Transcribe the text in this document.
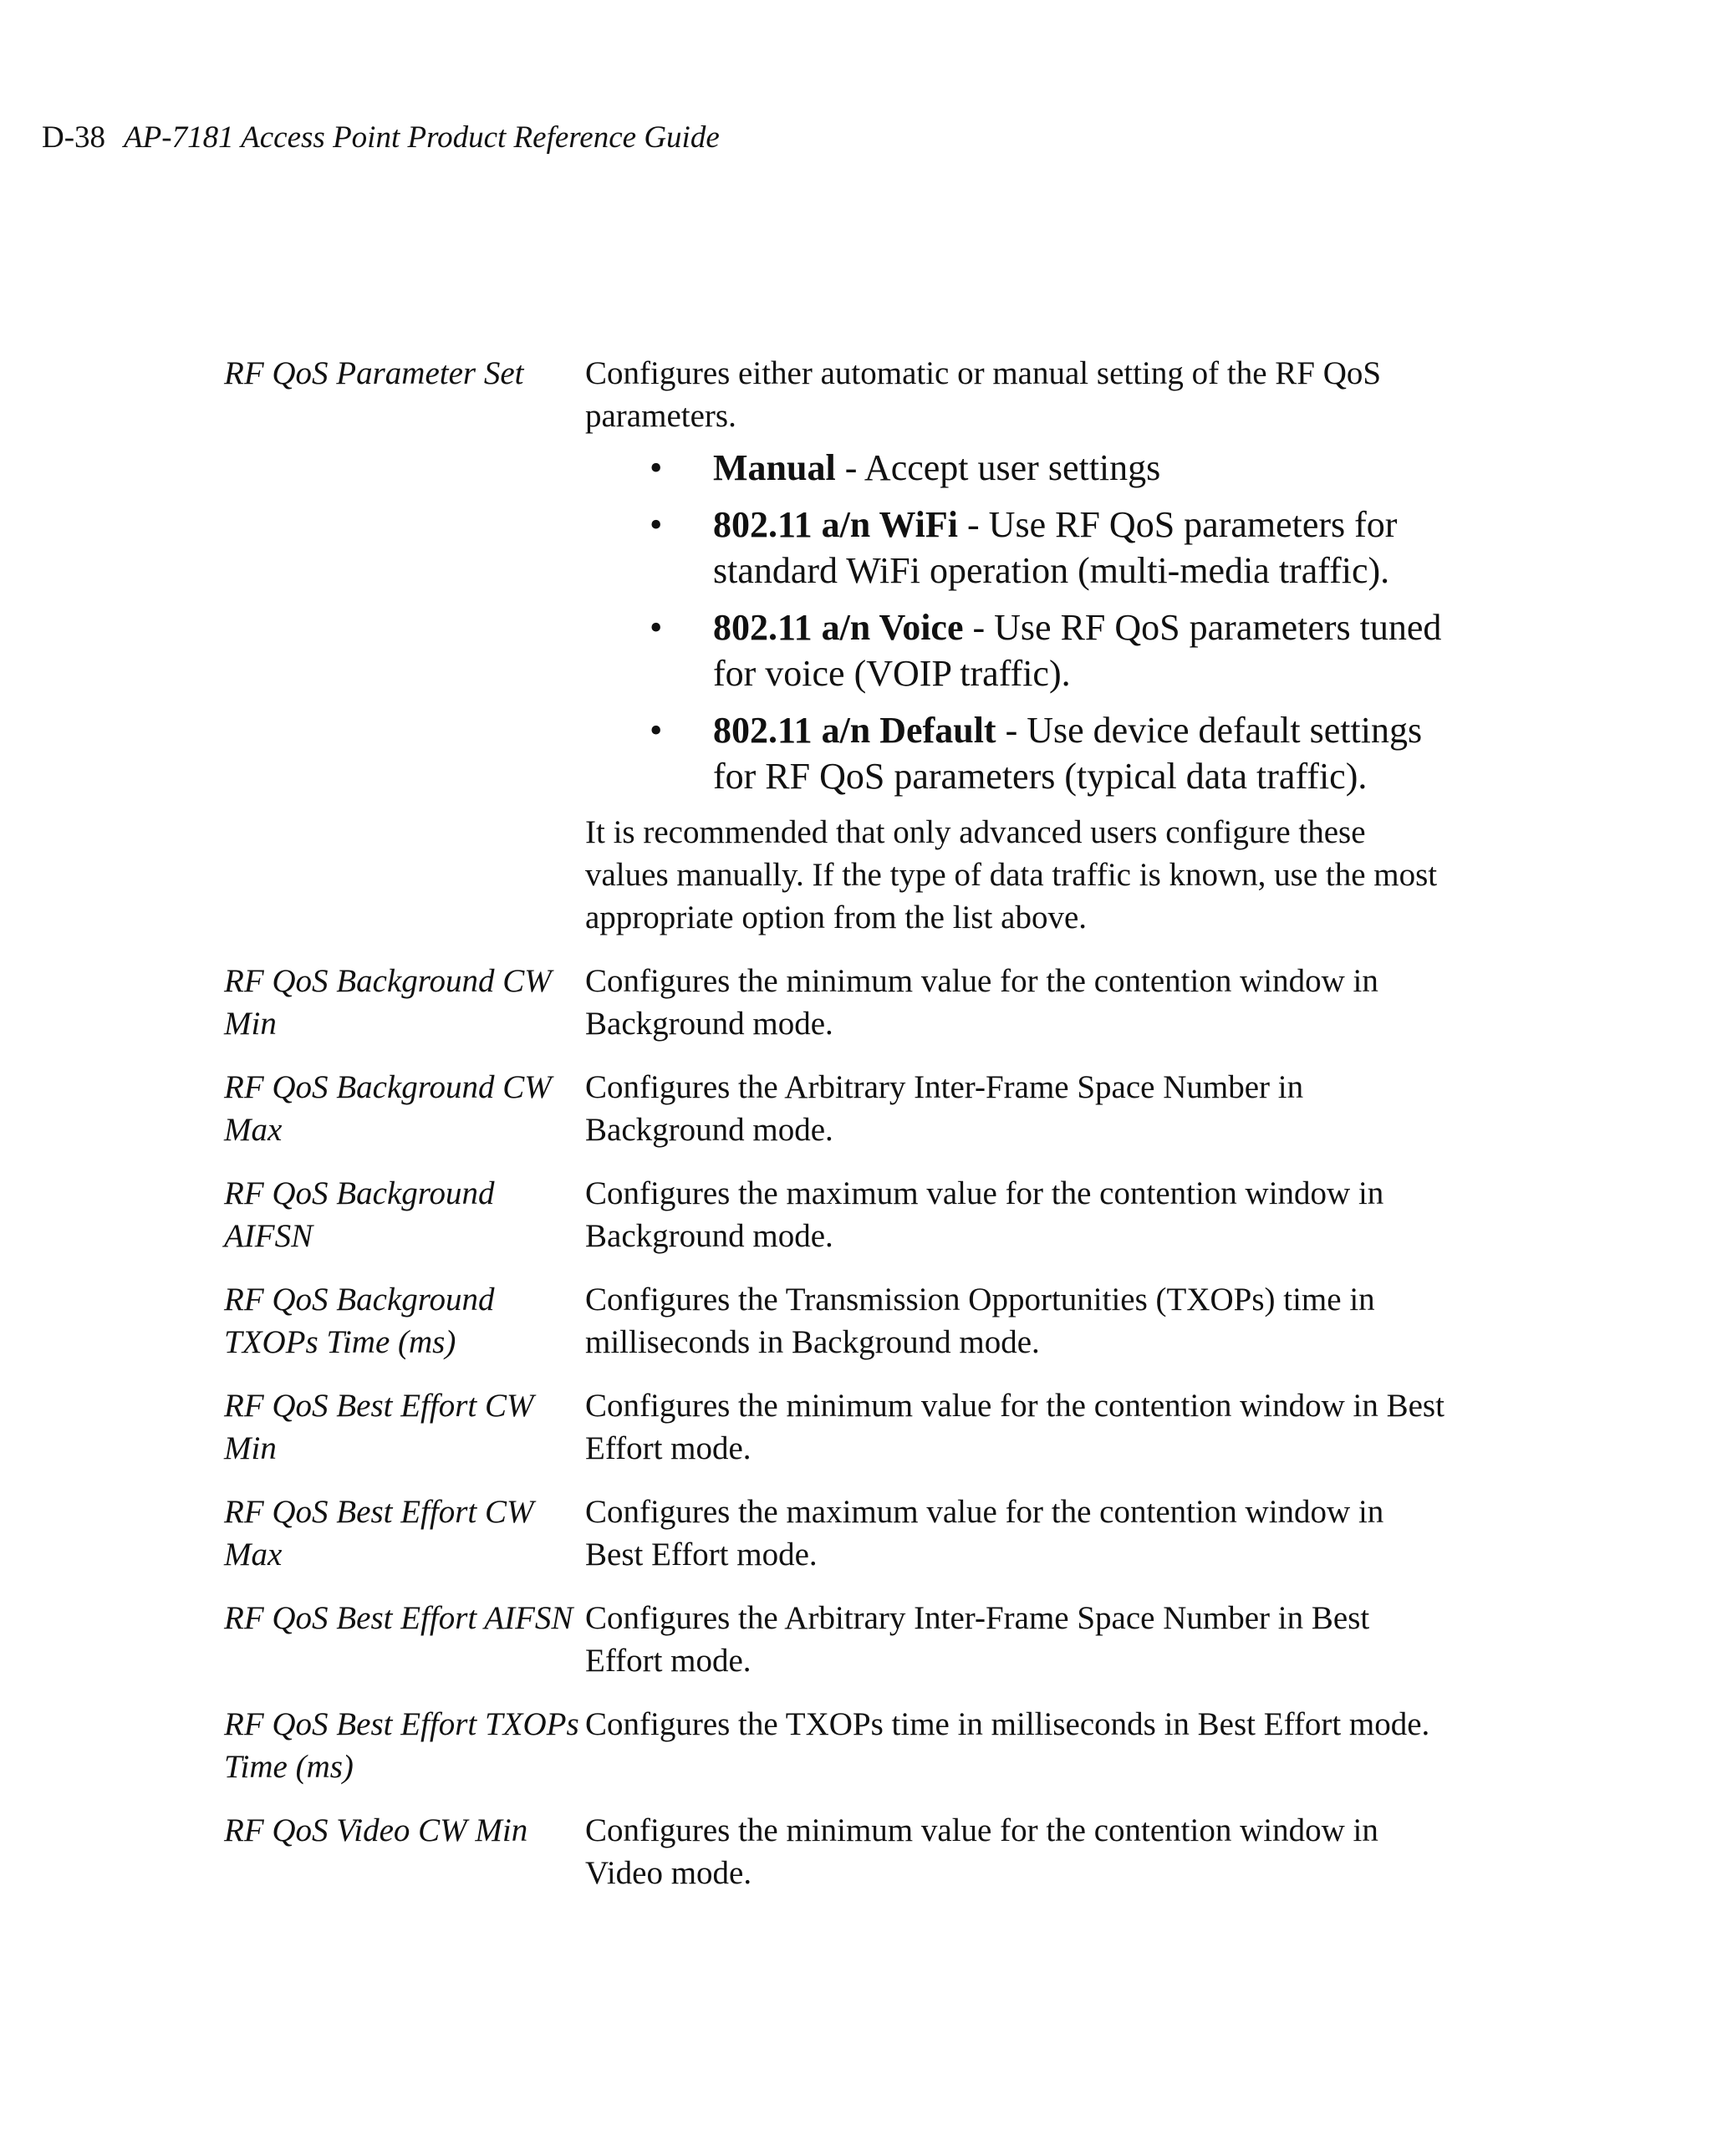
D-38 AP-7181 Access Point Product Reference Guide
RF QoS Parameter Set	Configures either automatic or manual setting of the RF QoS parameters.

• Manual - Accept user settings
• 802.11 a/n WiFi - Use RF QoS parameters for standard WiFi operation (multi-media traffic).
• 802.11 a/n Voice - Use RF QoS parameters tuned for voice (VOIP traffic).
• 802.11 a/n Default - Use device default settings for RF QoS parameters (typical data traffic).

It is recommended that only advanced users configure these values manually. If the type of data traffic is known, use the most appropriate option from the list above.

RF QoS Background CW Min
Configures the minimum value for the contention window in Background mode.
RF QoS Background CW Max
Configures the Arbitrary Inter-Frame Space Number in Background mode.
RF QoS Background AIFSN
Configures the maximum value for the contention window in Background mode.
RF QoS Background TXOPs Time (ms)
Configures the Transmission Opportunities (TXOPs) time in milliseconds in Background mode.
RF QoS Best Effort CW Min
Configures the minimum value for the contention window in Best Effort mode.
RF QoS Best Effort CW Max
Configures the maximum value for the contention window in Best Effort mode.
RF QoS Best Effort AIFSN Configures the Arbitrary Inter-Frame Space Number in Best Effort mode.
RF QoS Best Effort TXOPs Time (ms)
Configures the TXOPs time in milliseconds in Best Effort mode.
RF QoS Video CW Min	Configures the minimum value for the contention window in Video mode.
